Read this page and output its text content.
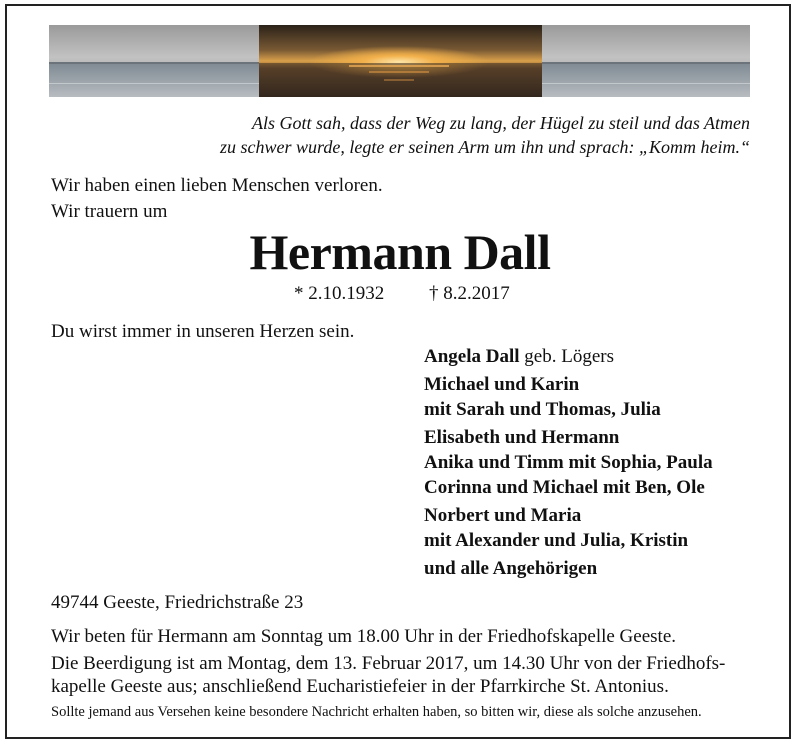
Als Gott sah, dass der Weg zu lang, der Hügel zu steil und das Atmen
zu schwer wurde, legte er seinen Arm um ihn und sprach: „Komm heim.“
Wir haben einen lieben Menschen verloren.
Wir trauern um
Hermann Dall
* 2.10.1932 † 8.2.2017
Du wirst immer in unseren Herzen sein.
Angela Dall geb. Lögers
Michael und Karin
mit Sarah und Thomas, Julia
Elisabeth und Hermann
Anika und Timm mit Sophia, Paula
Corinna und Michael mit Ben, Ole
Norbert und Maria
mit Alexander und Julia, Kristin
und alle Angehörigen
49744 Geeste, Friedrichstraße 23
Wir beten für Hermann am Sonntag um 18.00 Uhr in der Friedhofskapelle Geeste.
Die Beerdigung ist am Montag, dem 13. Februar 2017, um 14.30 Uhr von der Friedhofs-
kapelle Geeste aus; anschließend Eucharistiefeier in der Pfarrkirche St. Antonius.
Sollte jemand aus Versehen keine besondere Nachricht erhalten haben, so bitten wir, diese als solche anzusehen.
